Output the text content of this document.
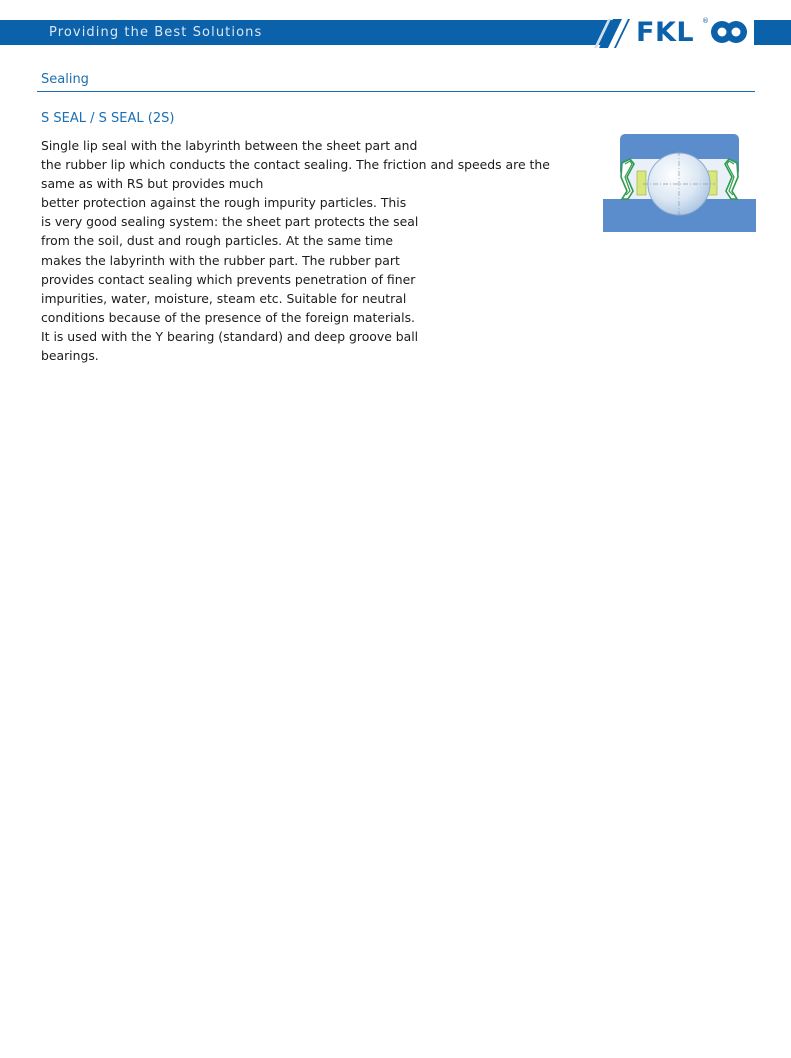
Providing the Best Solutions	FKL ®
Sealing
S SEAL / S SEAL (2S)
Single lip seal with the labyrinth between the sheet part and
the rubber lip which conducts the contact sealing. The friction and speeds are the
same as with RS but provides much
better protection against the rough impurity particles. This
is very good sealing system: the sheet part protects the seal
from the soil, dust and rough particles. At the same time
makes the labyrinth with the rubber part. The rubber part
provides contact sealing which prevents penetration of finer
impurities, water, moisture, steam etc. Suitable for neutral
conditions because of the presence of the foreign materials.
It is used with the Y bearing (standard) and deep groove ball
bearings.
